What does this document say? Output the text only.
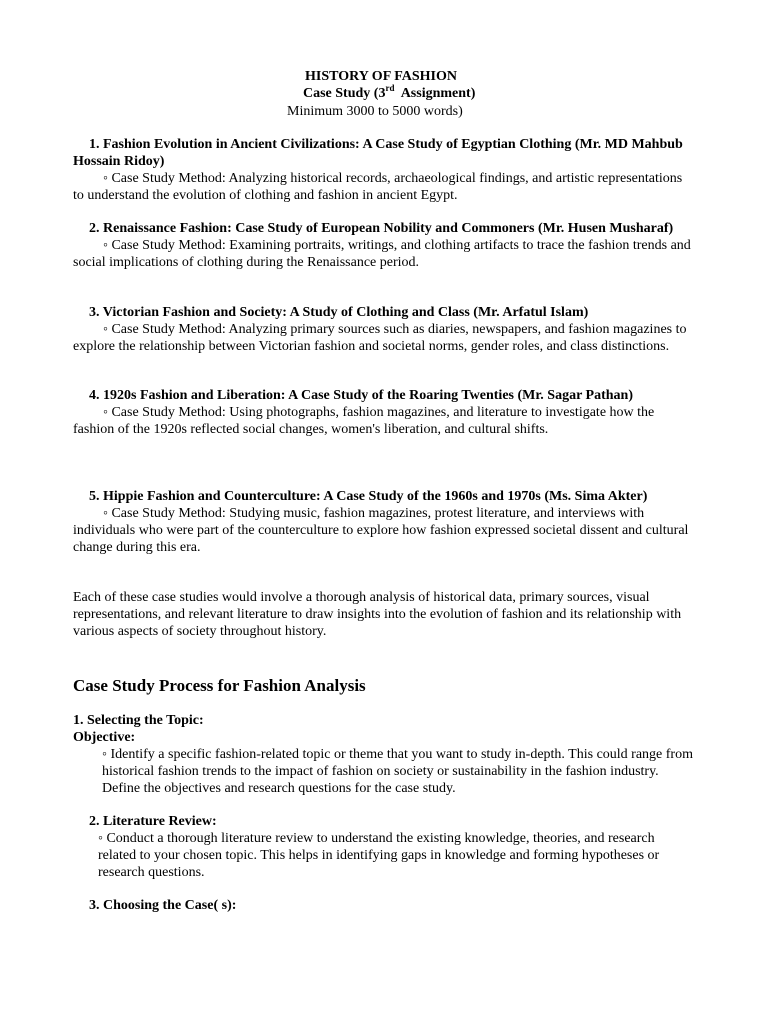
HISTORY OF FASHION
Case Study (3rd  Assignment)
Minimum 3000 to 5000 words)

1. Fashion Evolution in Ancient Civilizations: A Case Study of Egyptian Clothing (Mr. MD Mahbub Hossain Ridoy)

◦ Case Study Method: Analyzing historical records, archaeological findings, and artistic representations to understand the evolution of clothing and fashion in ancient Egypt.

2. Renaissance Fashion: Case Study of European Nobility and Commoners (Mr. Husen Musharaf)

◦ Case Study Method: Examining portraits, writings, and clothing artifacts to trace the fashion trends and social implications of clothing during the Renaissance period.

3. Victorian Fashion and Society: A Study of Clothing and Class (Mr. Arfatul Islam)

◦ Case Study Method: Analyzing primary sources such as diaries, newspapers, and fashion magazines to explore the relationship between Victorian fashion and societal norms, gender roles, and class distinctions.

4. 1920s Fashion and Liberation: A Case Study of the Roaring Twenties (Mr. Sagar Pathan)

◦ Case Study Method: Using photographs, fashion magazines, and literature to investigate how the fashion of the 1920s reflected social changes, women's liberation, and cultural shifts.

5. Hippie Fashion and Counterculture: A Case Study of the 1960s and 1970s (Ms. Sima Akter)

◦ Case Study Method: Studying music, fashion magazines, protest literature, and interviews with individuals who were part of the counterculture to explore how fashion expressed societal dissent and cultural change during this era.

Each of these case studies would involve a thorough analysis of historical data, primary sources, visual representations, and relevant literature to draw insights into the evolution of fashion and its relationship with various aspects of society throughout history.

Case Study Process for Fashion Analysis
1. Selecting the Topic:
Objective:

◦ Identify a specific fashion-related topic or theme that you want to study in-depth. This could range from historical fashion trends to the impact of fashion on society or sustainability in the fashion industry. Define the objectives and research questions for the case study.

2. Literature Review:

◦ Conduct a thorough literature review to understand the existing knowledge, theories, and research related to your chosen topic. This helps in identifying gaps in knowledge and forming hypotheses or research questions.

3. Choosing the Case( s):
